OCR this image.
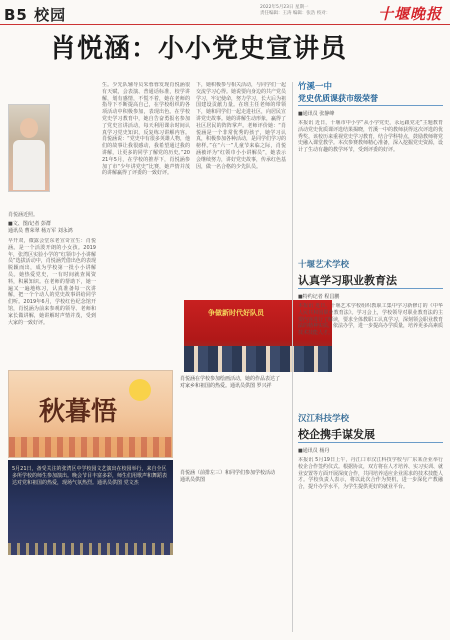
B5 校园	2022年5月23日 星期一
责任编辑：王涛 编辑：张浩 校对：	十堰晚报
肖悦涵：小小党史宣讲员
肖悦涵近照。
■文、图/记者 彭群
通讯员 曹荣翠 杨万军 刘永鸿
早开双，微露会堂东老宣奇宣生：肖悦涵。是一个活泼开朗的小女孩。2019年，张湾区实验小学的“红领巾小小讲解员”选拔活动中，肖悦涵凭借出色的表现脱颖而出，成为学校第一批小小讲解员。她热爱党史，一有时间就查阅资料，积累知识。在老师的帮助下，她一遍又一遍地练习，认真准备每一次讲解，把一个个动人的党史故事讲给同学们听。2019年6月，学校红色纪念馆开馆，肖悦涵为前来参观的领导、老师和家长做讲解，她讲解时声情并茂，受到大家的一致好评。
生。少先队辅导员朱蓉蓉发现肖悦涵很有天赋，会表演、普通话标准，校学讲解，划有感情，不慌不着，她在老师的指导下不断提高自己，在学校组织的各项活动中积极参加，表现出色。在学校党史学习教育中，她自告奋勇报名参加了党史宣讲活动，每天利用课余时间认真学习党史知识，反复练习讲解内容。肖悦涵说：“党史中有很多英雄人物，他们的故事让我很感动，我希望通过我的讲解，让更多的同学了解党的历史。”2021年5月，在学校的推荐下，肖悦涵参加了市“少年讲党史”比赛，她声情并茂的讲解赢得了评委的一致好评。
下，她积极参与相关活动，与同学们一起交流学习心得。她说要向身边的共产党员学习，牢记使命，努力学习，长大后为祖国建设贡献力量。在班主任老师的带领下，她和同学们一起走进社区，向居民宣讲党史故事。她的讲解生动形象，赢得了社区居民的阵阵掌声。老师评价她：“肖悦涵是一个非常优秀的孩子，她学习认真，积极参加各种活动，是同学们学习的榜样。”在“六一”儿童节来临之际，肖悦涵被评为“红领巾小小讲解员”，她表示会继续努力，讲好党史故事，传承红色基因，做一名合格的少先队员。
争做新时代好队员
秋暮悟
肖悦涵在学校参加绘画活动，她的作品表达了对家乡和祖国的热爱。通讯员供图 罗兴祥
肖悦涵（前排左三）和同学们参加学校活动
通讯员供图
5月21日，备受关注的张湾区中学校园文艺演出在校园举行，来自全区多所学校的师生参加演出。晚会节目丰富多彩，师生们用歌声和舞蹈表达对党和祖国的热爱，现场气氛热烈。通讯员供图 党文杰
竹溪一中
党史优质课获市级荣誉
■通讯员 张静峰
本报讯 近日，十堰市中小学“从小学党史，永远跟党走”主题教育活动党史优质课评选结果揭晓，竹溪一中的教师获得这次评选的优秀奖。该校历来重视党史学习教育，结合学科特点，鼓励教师将党史融入课堂教学。本次参赛教师精心准备，深入挖掘党史资源，设计了生动有趣的教学环节，受到评委的好评。
十堰艺术学校
认真学习职业教育法
■特约记者 程昌鹏
本报讯 近日，十堰艺术学校组织教职工集中学习新修订的《中华人民共和国职业教育法》。学习会上，学校领导对职业教育法的主要内容进行了解读，要求全体教职工认真学习，深刻领会职业教育法的精神实质，依法办学，进一步提高办学质量，培养更多高素质技术技能人才。
汉江科技学校
校企携手谋发展
■通讯员 杨丹
本报讯 5月19日上午，丹江口市汉江科技学校与广东某企业举行校企合作签约仪式。根据协议，双方将在人才培养、实习实训、就业安置等方面开展深度合作，共同培养适应企业需求的技术技能人才。学校负责人表示，将以此次合作为契机，进一步深化产教融合，提升办学水平，为学生提供更好的就业平台。
